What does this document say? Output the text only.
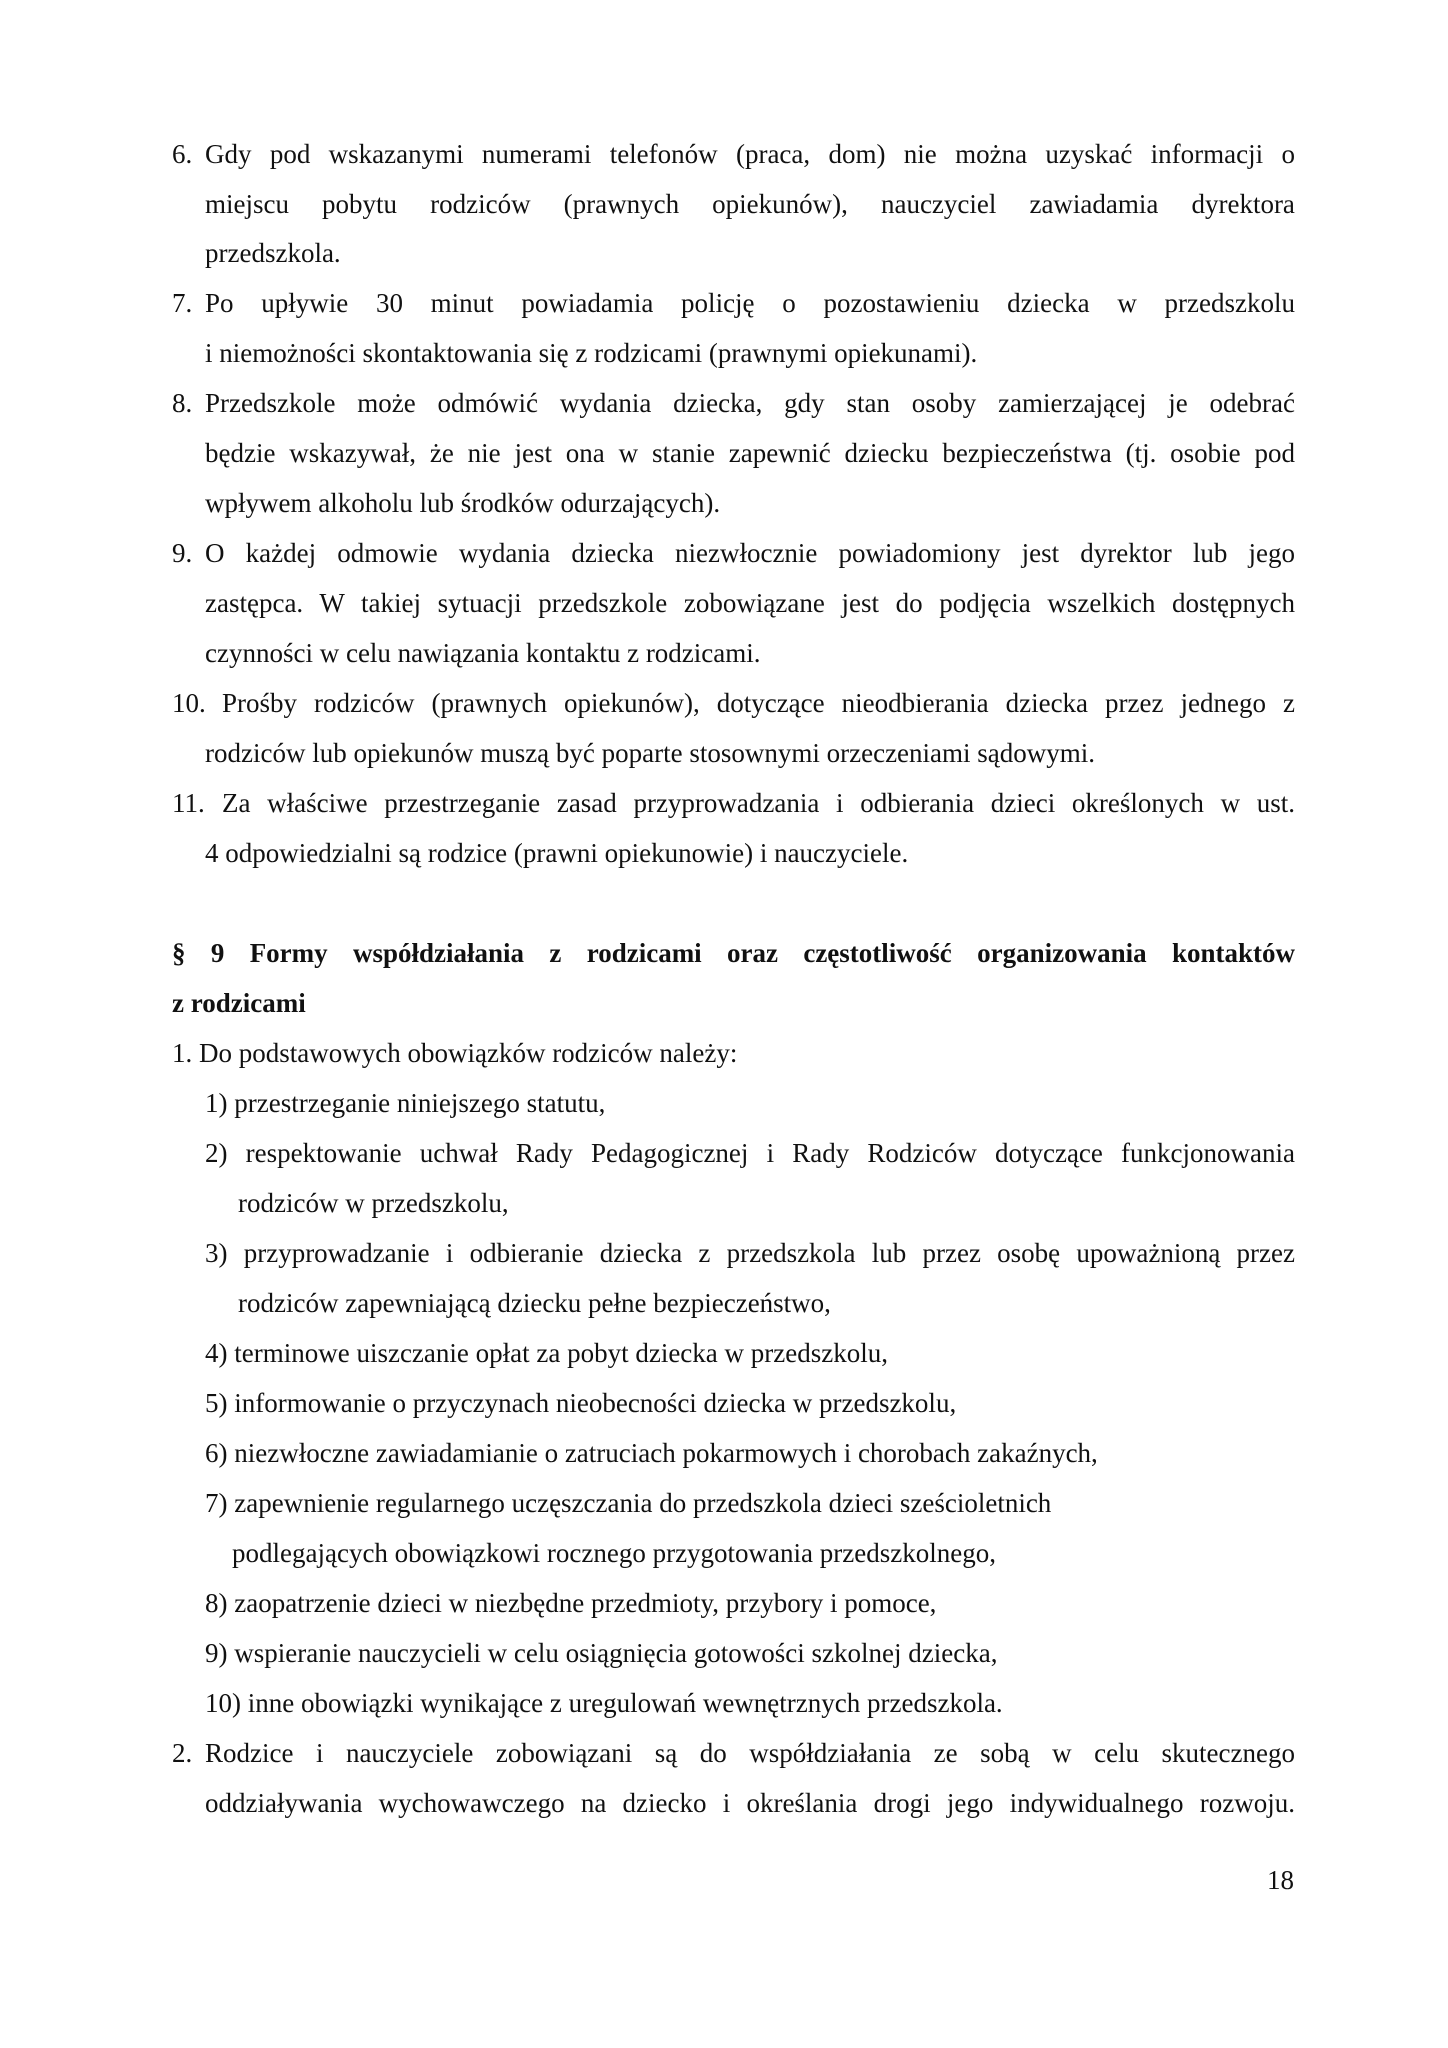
6. Gdy pod wskazanymi numerami telefonów (praca, dom) nie można uzyskać informacji o
miejscu pobytu rodziców (prawnych opiekunów), nauczyciel zawiadamia dyrektora
przedszkola.
7. Po upływie 30 minut powiadamia policję o pozostawieniu dziecka w przedszkolu
i niemożności skontaktowania się z rodzicami (prawnymi opiekunami).
8. Przedszkole może odmówić wydania dziecka, gdy stan osoby zamierzającej je odebrać
będzie wskazywał, że nie jest ona w stanie zapewnić dziecku bezpieczeństwa (tj. osobie pod
wpływem alkoholu lub środków odurzających).
9. O każdej odmowie wydania dziecka niezwłocznie powiadomiony jest dyrektor lub jego
zastępca. W takiej sytuacji przedszkole zobowiązane jest do podjęcia wszelkich dostępnych
czynności w celu nawiązania kontaktu z rodzicami.
10. Prośby rodziców (prawnych opiekunów), dotyczące nieodbierania dziecka przez jednego z
rodziców lub opiekunów muszą być poparte stosownymi orzeczeniami sądowymi.
11. Za właściwe przestrzeganie zasad przyprowadzania i odbierania dzieci określonych w ust.
4 odpowiedzialni są rodzice (prawni opiekunowie) i nauczyciele.
§ 9 Formy współdziałania z rodzicami oraz częstotliwość organizowania kontaktów
z rodzicami
1. Do podstawowych obowiązków rodziców należy:
1) przestrzeganie niniejszego statutu,
2) respektowanie uchwał Rady Pedagogicznej i Rady Rodziców dotyczące funkcjonowania
rodziców w przedszkolu,
3) przyprowadzanie i odbieranie dziecka z przedszkola lub przez osobę upoważnioną przez
rodziców zapewniającą dziecku pełne bezpieczeństwo,
4) terminowe uiszczanie opłat za pobyt dziecka w przedszkolu,
5) informowanie o przyczynach nieobecności dziecka w przedszkolu,
6) niezwłoczne zawiadamianie o zatruciach pokarmowych i chorobach zakaźnych,
7) zapewnienie regularnego uczęszczania do przedszkola dzieci sześcioletnich
podlegających obowiązkowi rocznego przygotowania przedszkolnego,
8) zaopatrzenie dzieci w niezbędne przedmioty, przybory i pomoce,
9) wspieranie nauczycieli w celu osiągnięcia gotowości szkolnej dziecka,
10) inne obowiązki wynikające z uregulowań wewnętrznych przedszkola.
2. Rodzice i nauczyciele zobowiązani są do współdziałania ze sobą w celu skutecznego
oddziaływania wychowawczego na dziecko i określania drogi jego indywidualnego rozwoju.
18
